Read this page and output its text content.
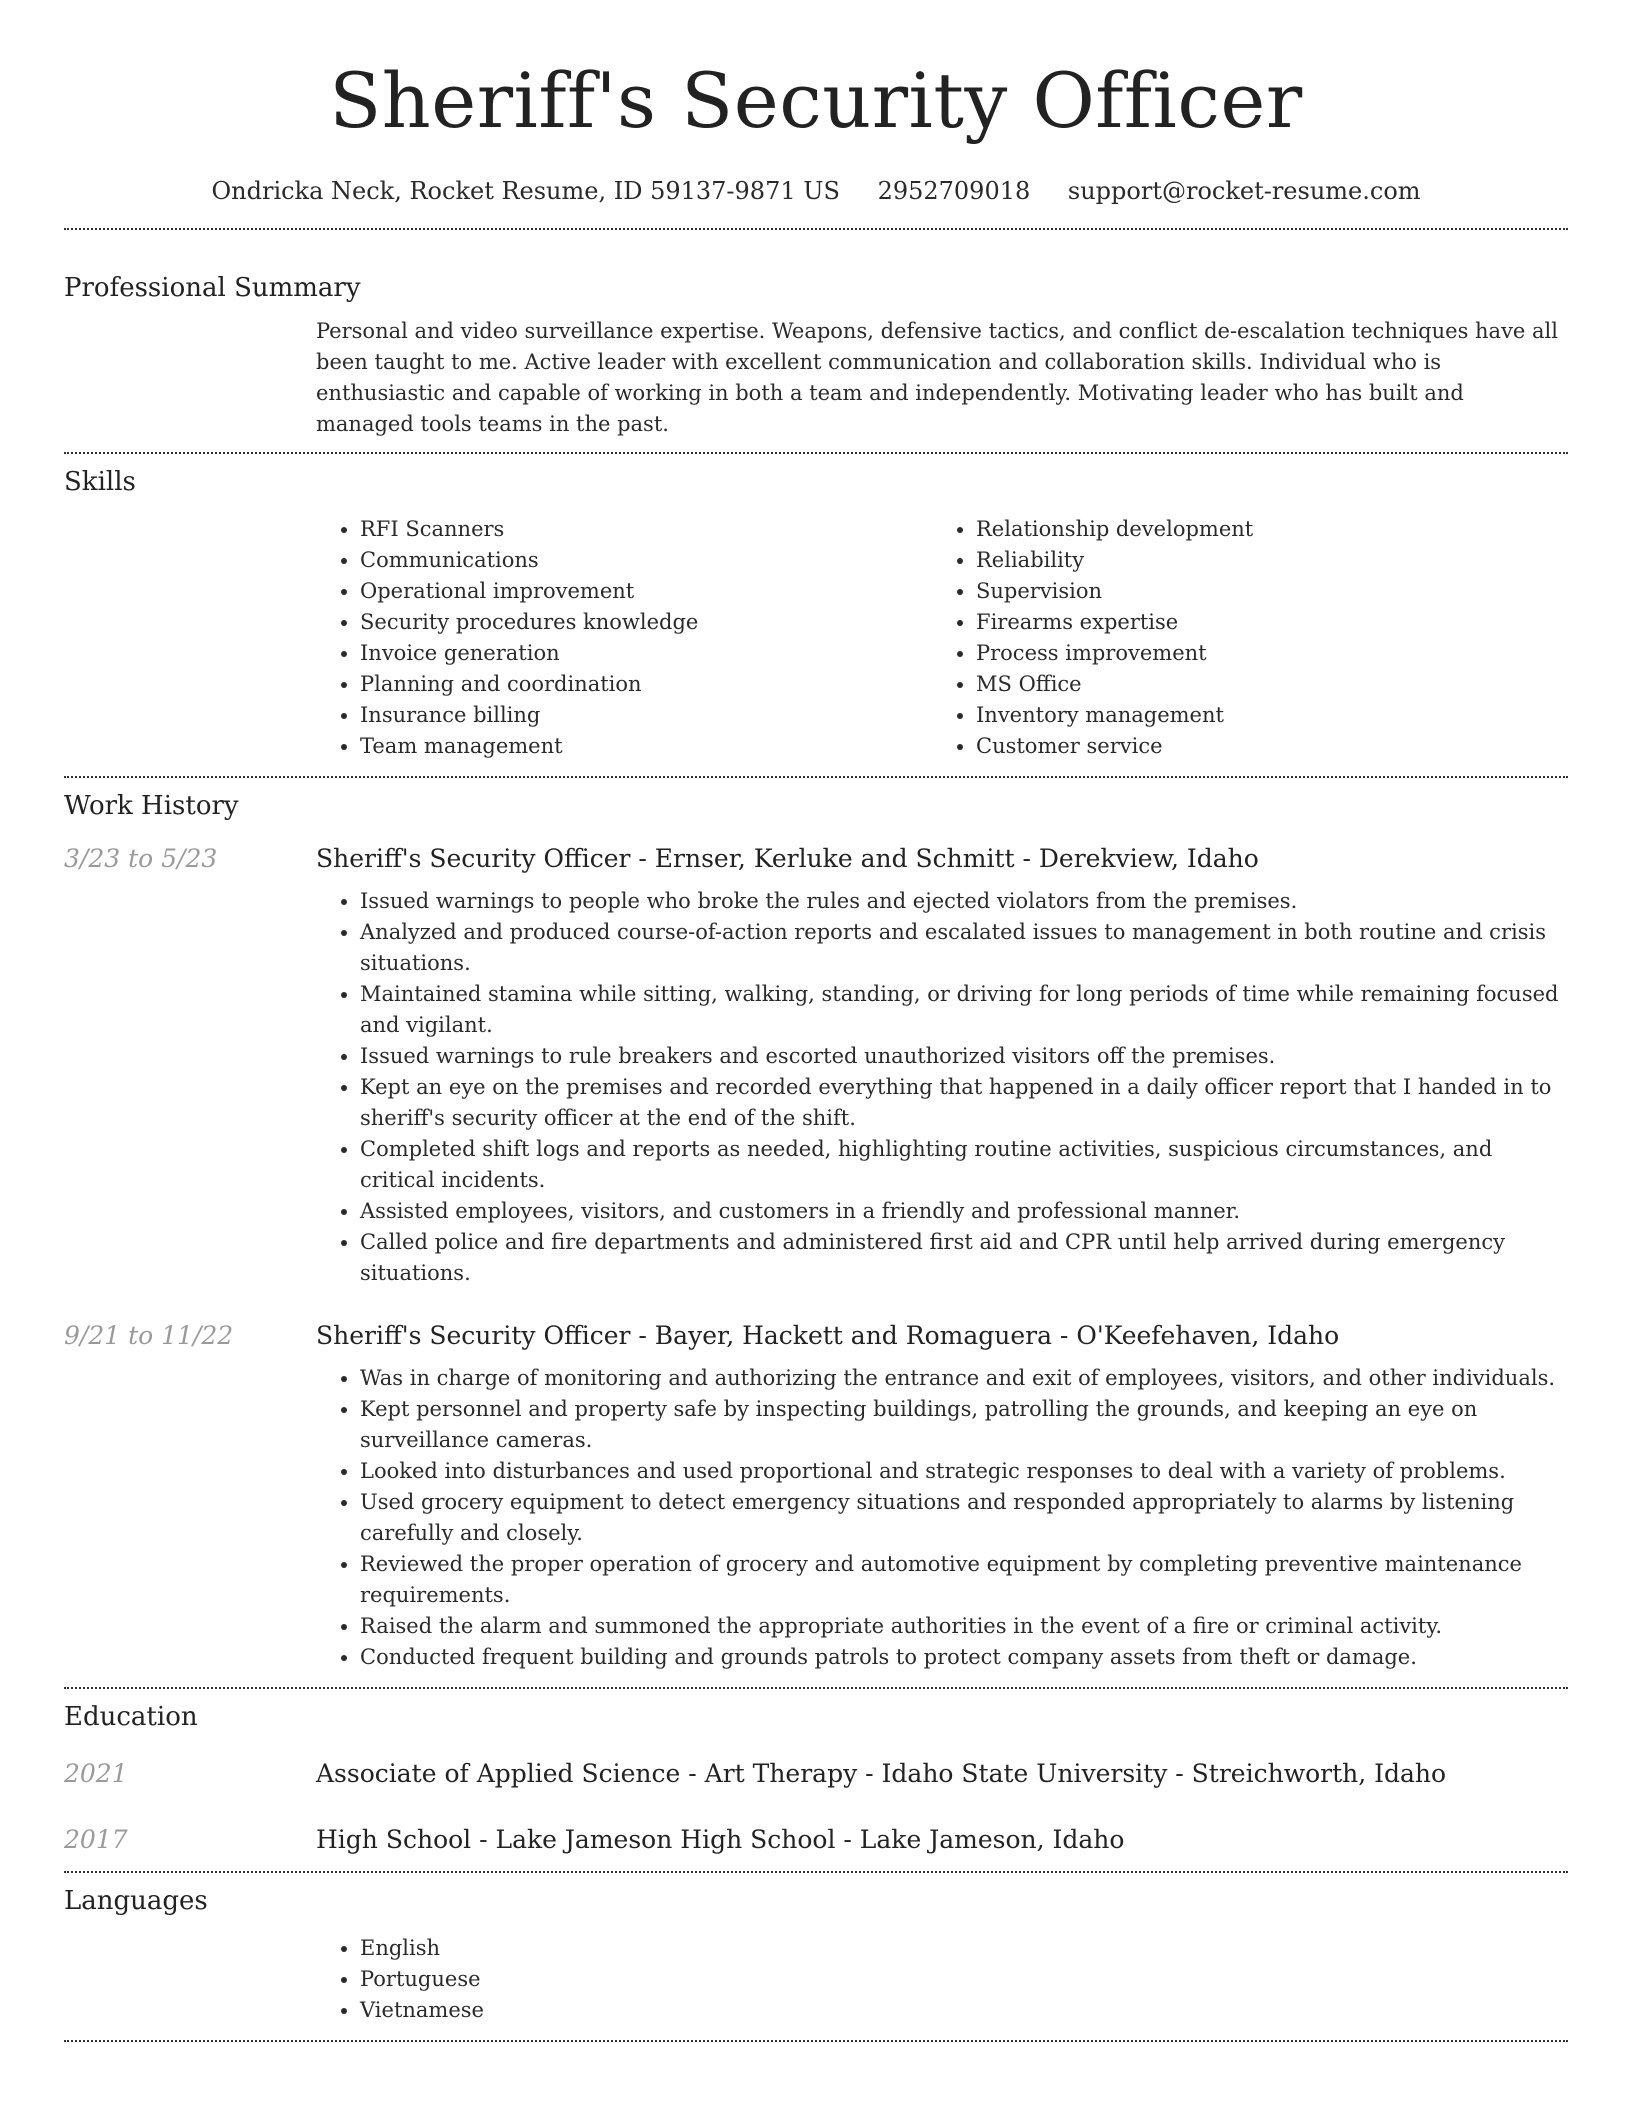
Sheriff's Security Officer
Ondricka Neck, Rocket Resume, ID 59137-9871 US 2952709018 support@rocket-resume.com
Professional Summary
Personal and video surveillance expertise. Weapons, defensive tactics, and conflict de-escalation techniques have all been taught to me. Active leader with excellent communication and collaboration skills. Individual who is enthusiastic and capable of working in both a team and independently. Motivating leader who has built and managed tools teams in the past.
Skills
• RFI Scanners
• Communications
• Operational improvement
• Security procedures knowledge
• Invoice generation
• Planning and coordination
• Insurance billing
• Team management
• Relationship development
• Reliability
• Supervision
• Firearms expertise
• Process improvement
• MS Office
• Inventory management
• Customer service
Work History
3/23 to 5/23	Sheriff's Security Officer - Ernser, Kerluke and Schmitt - Derekview, Idaho
• Issued warnings to people who broke the rules and ejected violators from the premises.
• Analyzed and produced course-of-action reports and escalated issues to management in both routine and crisis situations.
• Maintained stamina while sitting, walking, standing, or driving for long periods of time while remaining focused and vigilant.
• Issued warnings to rule breakers and escorted unauthorized visitors off the premises.
• Kept an eye on the premises and recorded everything that happened in a daily officer report that I handed in to sheriff's security officer at the end of the shift.
• Completed shift logs and reports as needed, highlighting routine activities, suspicious circumstances, and critical incidents.
• Assisted employees, visitors, and customers in a friendly and professional manner.
• Called police and fire departments and administered first aid and CPR until help arrived during emergency situations.
9/21 to 11/22	Sheriff's Security Officer - Bayer, Hackett and Romaguera - O'Keefehaven, Idaho
• Was in charge of monitoring and authorizing the entrance and exit of employees, visitors, and other individuals.
• Kept personnel and property safe by inspecting buildings, patrolling the grounds, and keeping an eye on surveillance cameras.
• Looked into disturbances and used proportional and strategic responses to deal with a variety of problems.
• Used grocery equipment to detect emergency situations and responded appropriately to alarms by listening carefully and closely.
• Reviewed the proper operation of grocery and automotive equipment by completing preventive maintenance requirements.
• Raised the alarm and summoned the appropriate authorities in the event of a fire or criminal activity.
• Conducted frequent building and grounds patrols to protect company assets from theft or damage.
Education
2021	Associate of Applied Science - Art Therapy - Idaho State University - Streichworth, Idaho
2017	High School - Lake Jameson High School - Lake Jameson, Idaho
Languages
• English
• Portuguese
• Vietnamese
